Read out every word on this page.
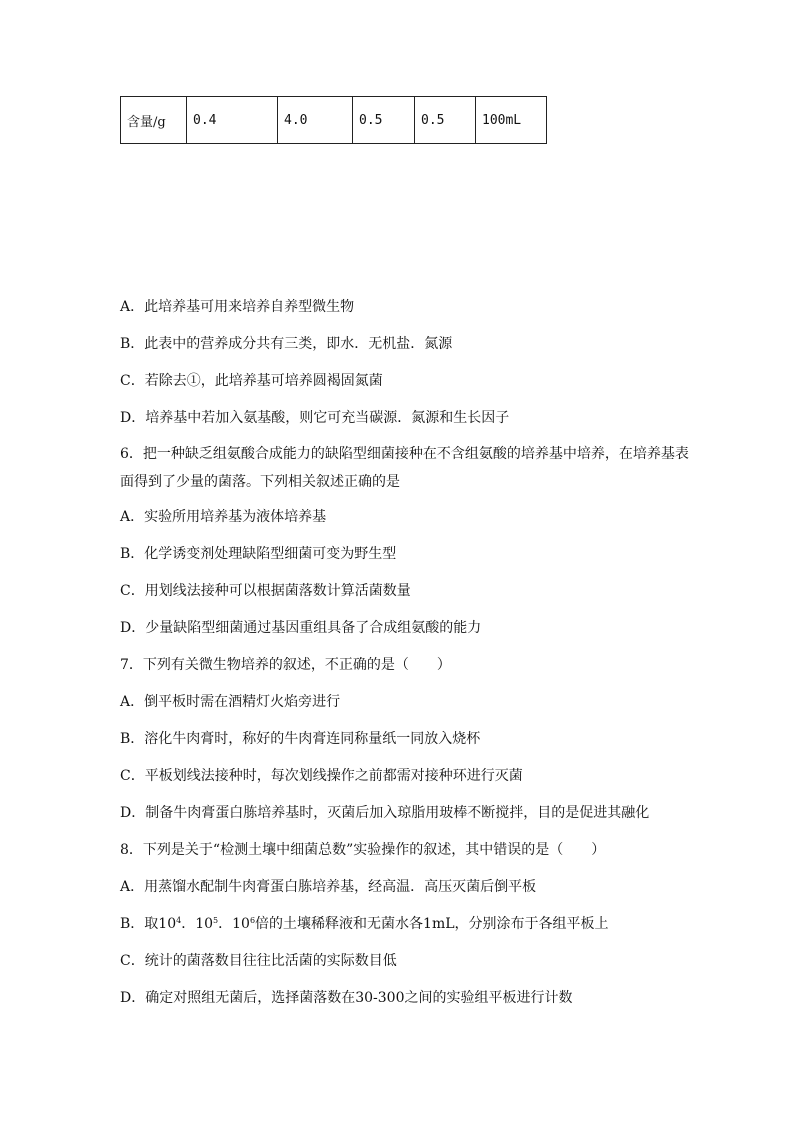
含量/g	0.4	4.0	0.5	0.5	100mL
A．此培养基可用来培养自养型微生物
B．此表中的营养成分共有三类，即水．无机盐．氮源
C．若除去①，此培养基可培养圆褐固氮菌
D．培养基中若加入氨基酸，则它可充当碳源．氮源和生长因子
6．把一种缺乏组氨酸合成能力的缺陷型细菌接种在不含组氨酸的培养基中培养，在培养基表面得到了少量的菌落。下列相关叙述正确的是
A．实验所用培养基为液体培养基
B．化学诱变剂处理缺陷型细菌可变为野生型
C．用划线法接种可以根据菌落数计算活菌数量
D．少量缺陷型细菌通过基因重组具备了合成组氨酸的能力
7．下列有关微生物培养的叙述，不正确的是（　　）
A．倒平板时需在酒精灯火焰旁进行
B．溶化牛肉膏时，称好的牛肉膏连同称量纸一同放入烧杯
C．平板划线法接种时，每次划线操作之前都需对接种环进行灭菌
D．制备牛肉膏蛋白胨培养基时，灭菌后加入琼脂用玻棒不断搅拌，目的是促进其融化
8．下列是关于“检测土壤中细菌总数”实验操作的叙述，其中错误的是（　　）
A．用蒸馏水配制牛肉膏蛋白胨培养基，经高温．高压灭菌后倒平板
B．取$10^4$．$10^5$．$10^6$倍的土壤稀释液和无菌水各1mL，分别涂布于各组平板上
C．统计的菌落数目往往比活菌的实际数目低
D．确定对照组无菌后，选择菌落数在30-300之间的实验组平板进行计数
